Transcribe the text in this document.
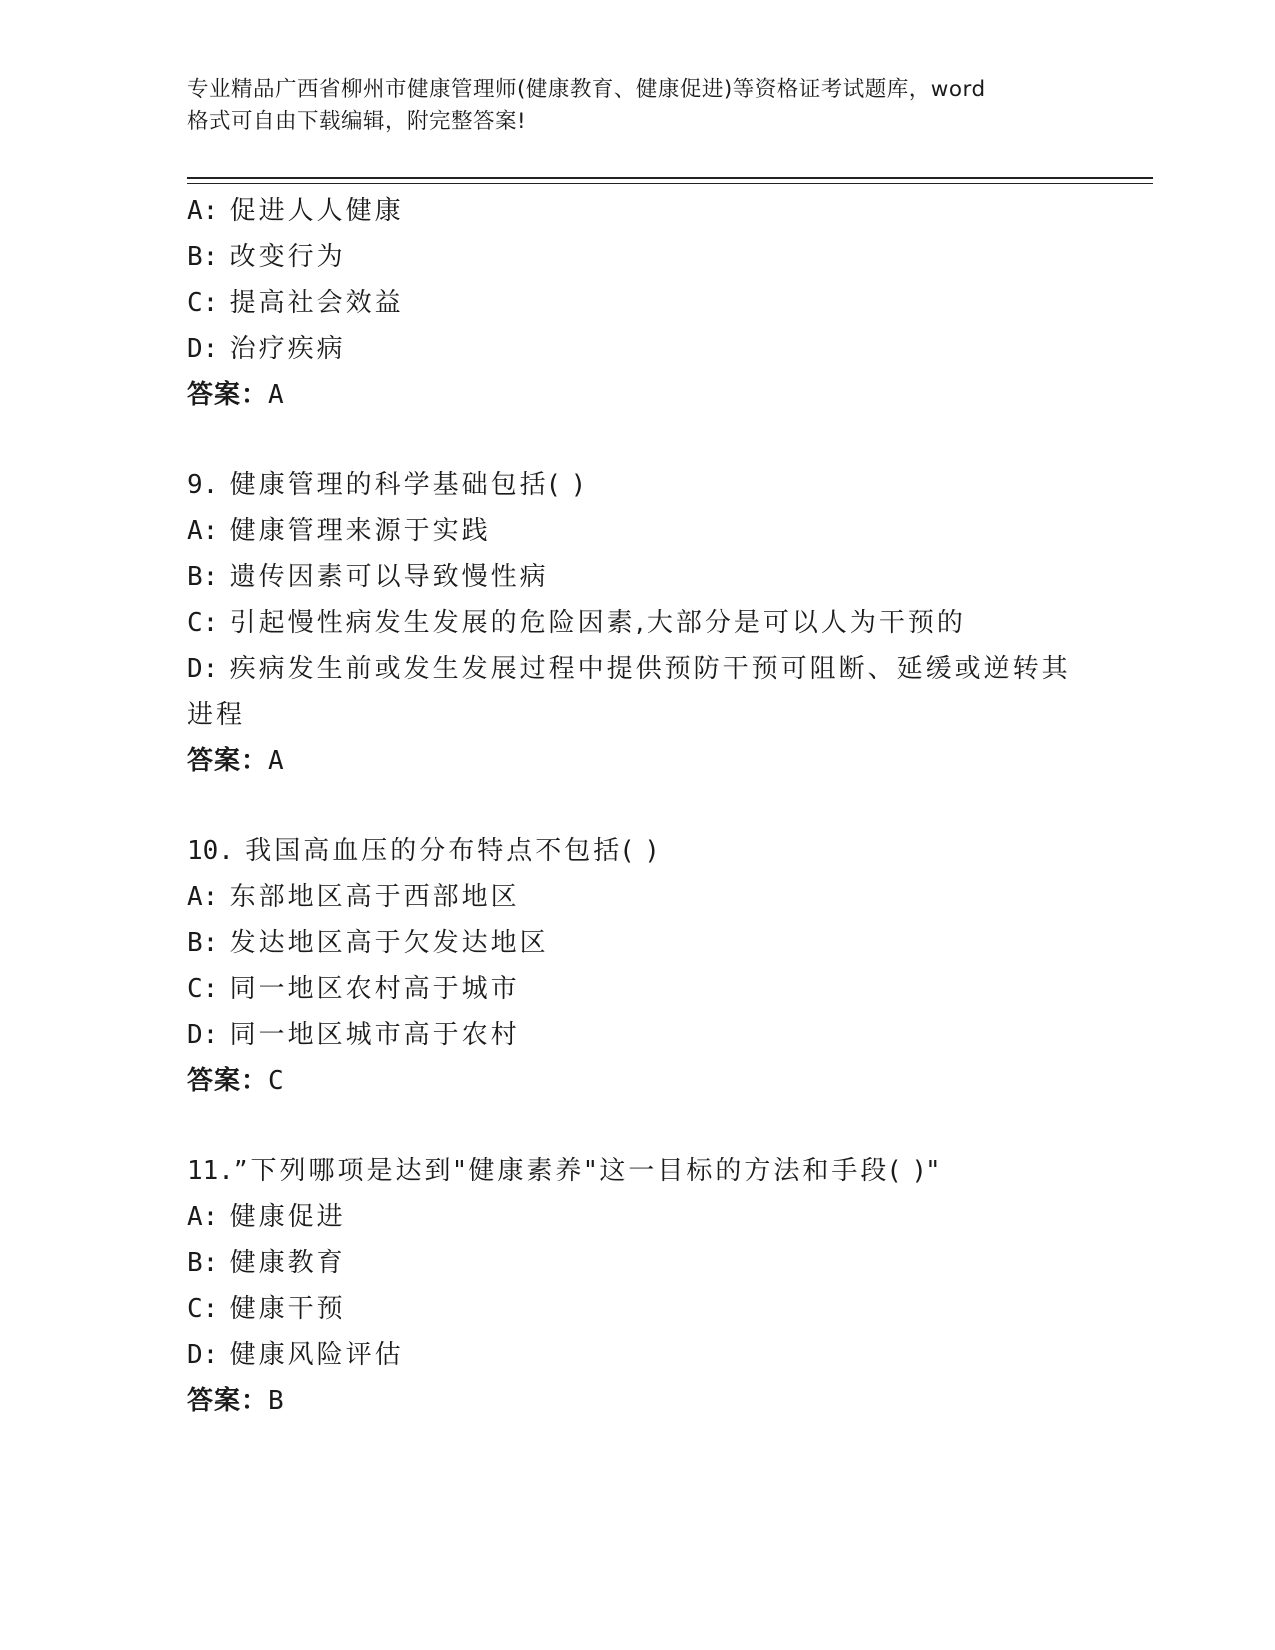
专业精品广西省柳州市健康管理师(健康教育、健康促进)等资格证考试题库，word
格式可自由下载编辑，附完整答案!
A: 促进人人健康
B: 改变行为
C: 提高社会效益
D: 治疗疾病
答案：A
9. 健康管理的科学基础包括( )
A: 健康管理来源于实践
B: 遗传因素可以导致慢性病
C: 引起慢性病发生发展的危险因素,大部分是可以人为干预的
D: 疾病发生前或发生发展过程中提供预防干预可阻断、延缓或逆转其
进程
答案：A
10. 我国高血压的分布特点不包括( )
A: 东部地区高于西部地区
B: 发达地区高于欠发达地区
C: 同一地区农村高于城市
D: 同一地区城市高于农村
答案：C
11.”下列哪项是达到"健康素养"这一目标的方法和手段( )"
A: 健康促进
B: 健康教育
C: 健康干预
D: 健康风险评估
答案：B
